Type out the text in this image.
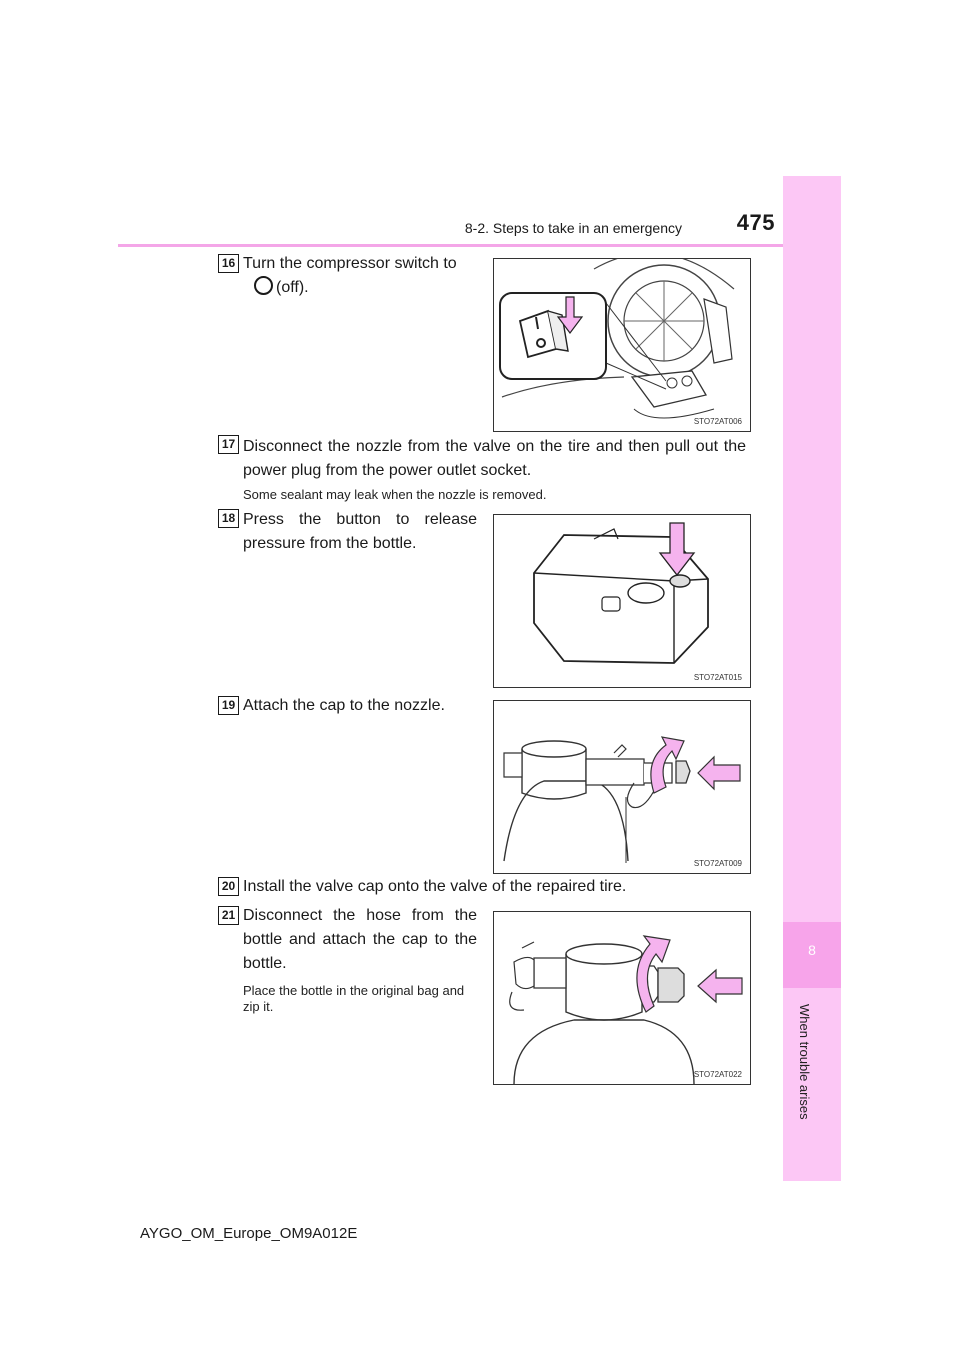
8-2. Steps to take in an emergency	475
8
When trouble arises
16 Turn the compressor switch to
(off).
STO72AT006
17 Disconnect the nozzle from the valve on the tire and then pull out the power plug from the power outlet socket.
Some sealant may leak when the nozzle is removed.
18 Press the button to release pressure from the bottle.
STO72AT015
19 Attach the cap to the nozzle.
STO72AT009
20 Install the valve cap onto the valve of the repaired tire.
21 Disconnect the hose from the bottle and attach the cap to the bottle.
Place the bottle in the original bag and zip it.
STO72AT022
AYGO_OM_Europe_OM9A012E
